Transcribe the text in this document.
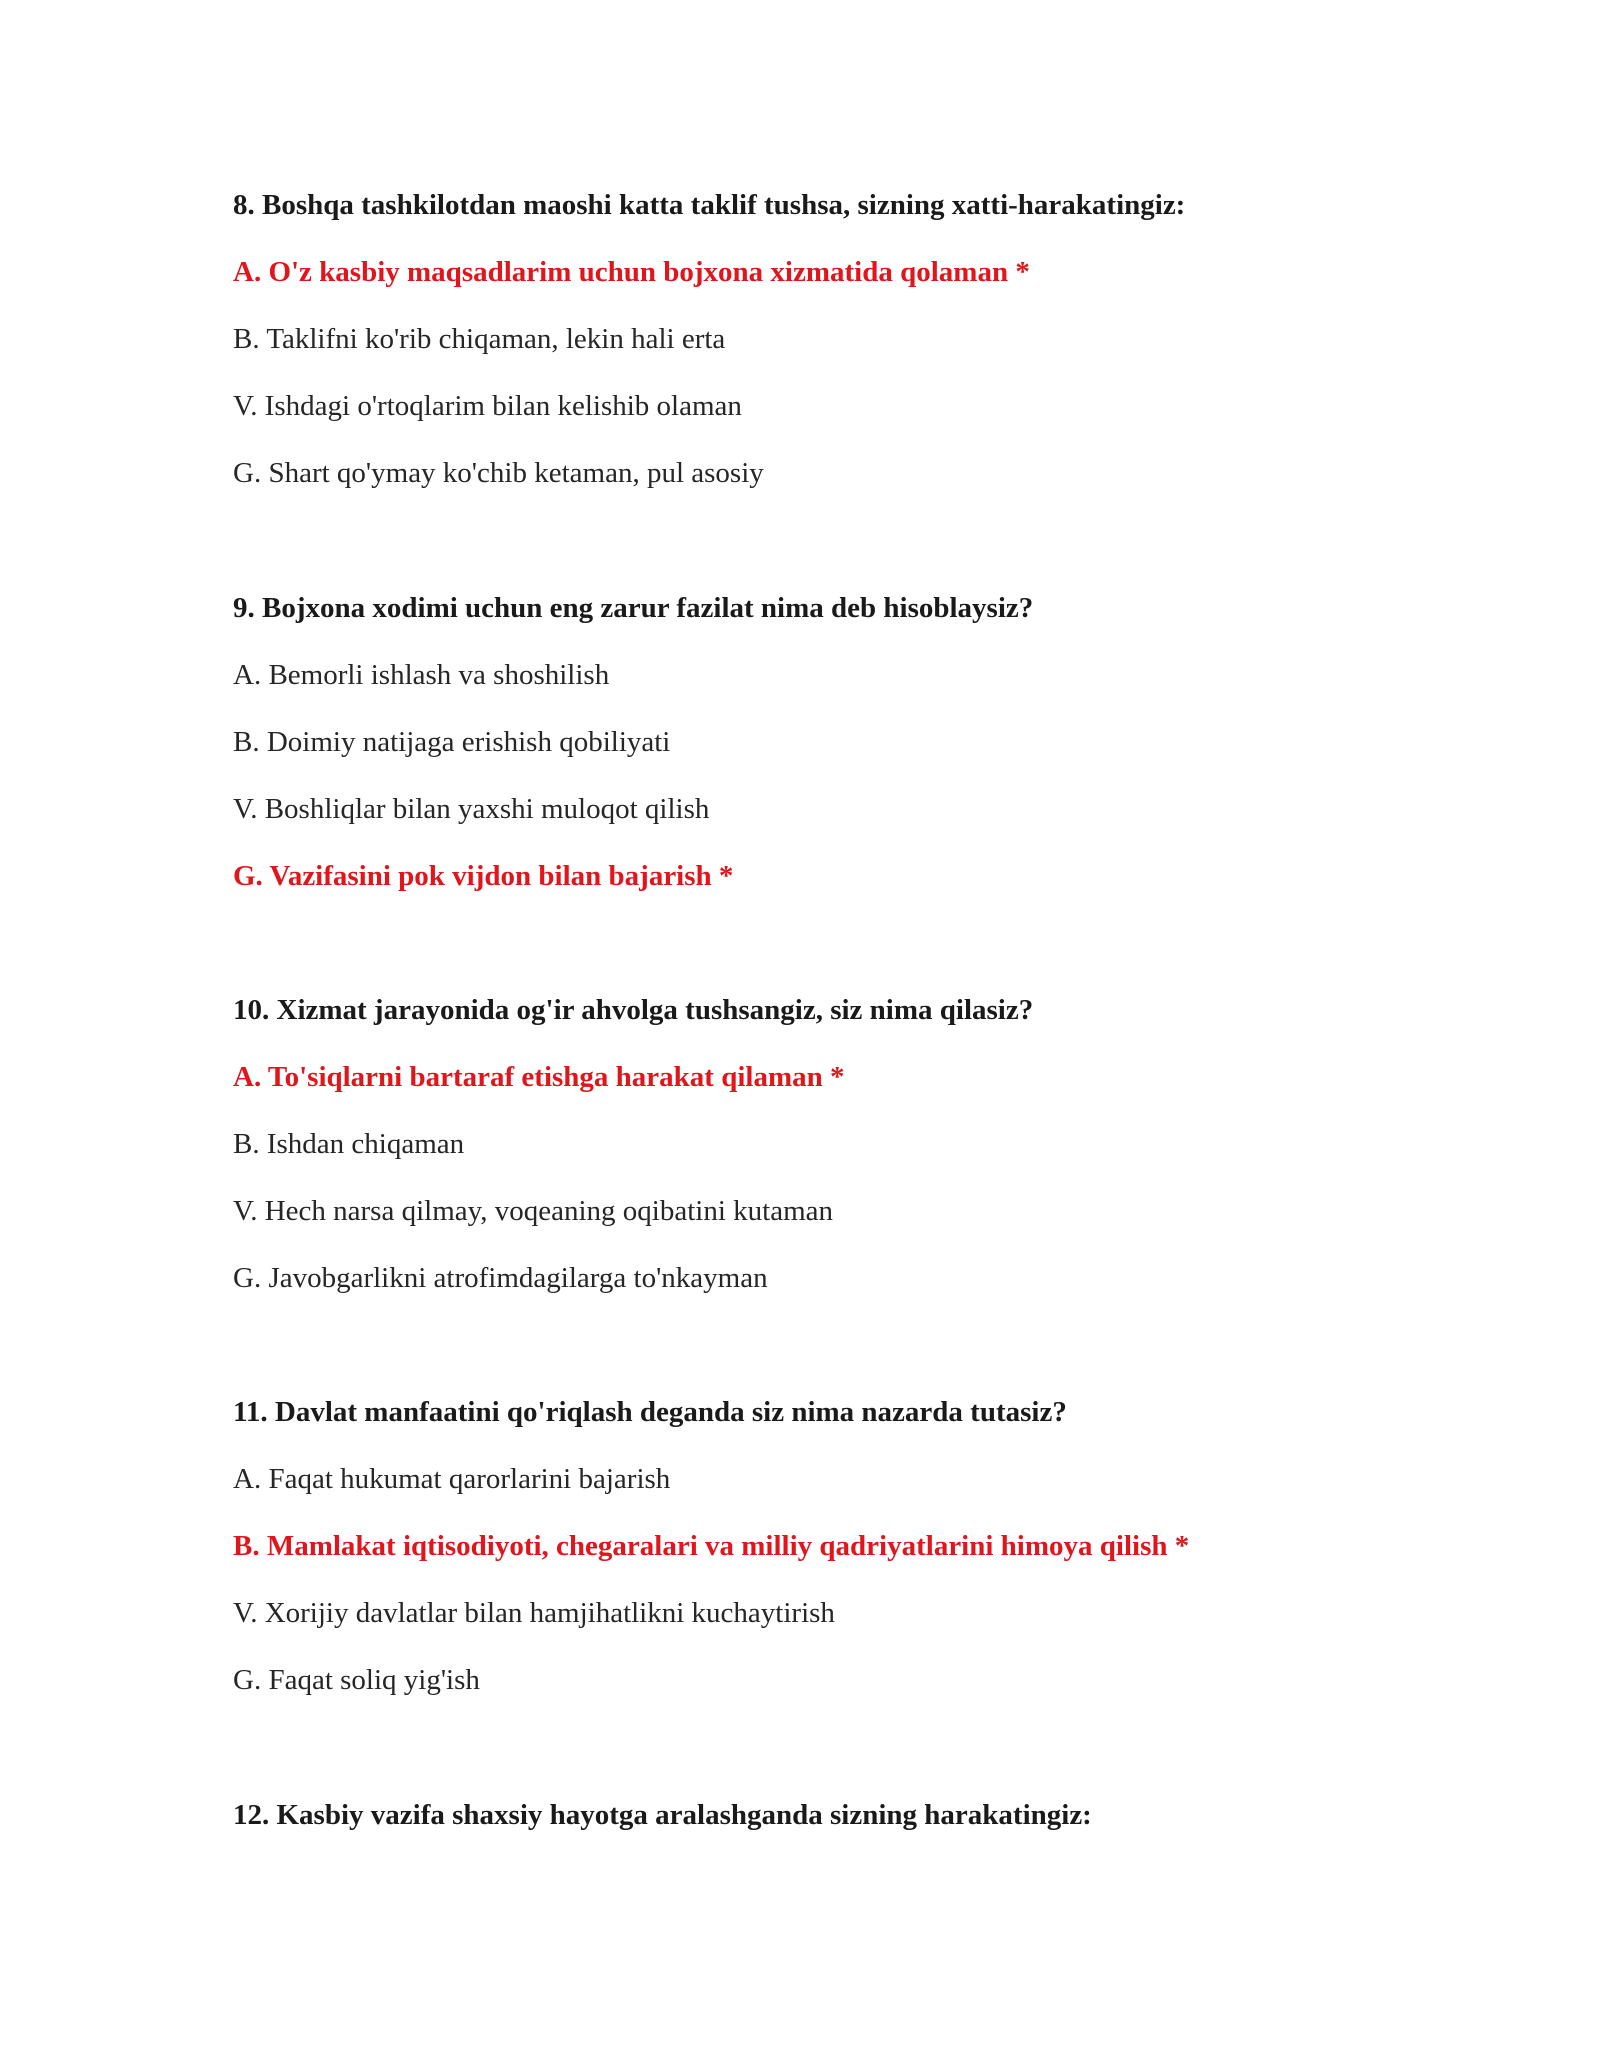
8. Boshqa tashkilotdan maoshi katta taklif tushsa, sizning xatti-harakatingiz:
A. O'z kasbiy maqsadlarim uchun bojxona xizmatida qolaman *
B. Taklifni ko'rib chiqaman, lekin hali erta
V. Ishdagi o'rtoqlarim bilan kelishib olaman
G. Shart qo'ymay ko'chib ketaman, pul asosiy
9. Bojxona xodimi uchun eng zarur fazilat nima deb hisoblaysiz?
A. Bemorli ishlash va shoshilish
B. Doimiy natijaga erishish qobiliyati
V. Boshliqlar bilan yaxshi muloqot qilish
G. Vazifasini pok vijdon bilan bajarish *
10. Xizmat jarayonida og'ir ahvolga tushsangiz, siz nima qilasiz?
A. To'siqlarni bartaraf etishga harakat qilaman *
B. Ishdan chiqaman
V. Hech narsa qilmay, voqeaning oqibatini kutaman
G. Javobgarlikni atrofimdagilarga to'nkayman
11. Davlat manfaatini qo'riqlash deganda siz nima nazarda tutasiz?
A. Faqat hukumat qarorlarini bajarish
B. Mamlakat iqtisodiyoti, chegaralari va milliy qadriyatlarini himoya qilish *
V. Xorijiy davlatlar bilan hamjihatlikni kuchaytirish
G. Faqat soliq yig'ish
12. Kasbiy vazifa shaxsiy hayotga aralashganda sizning harakatingiz:
